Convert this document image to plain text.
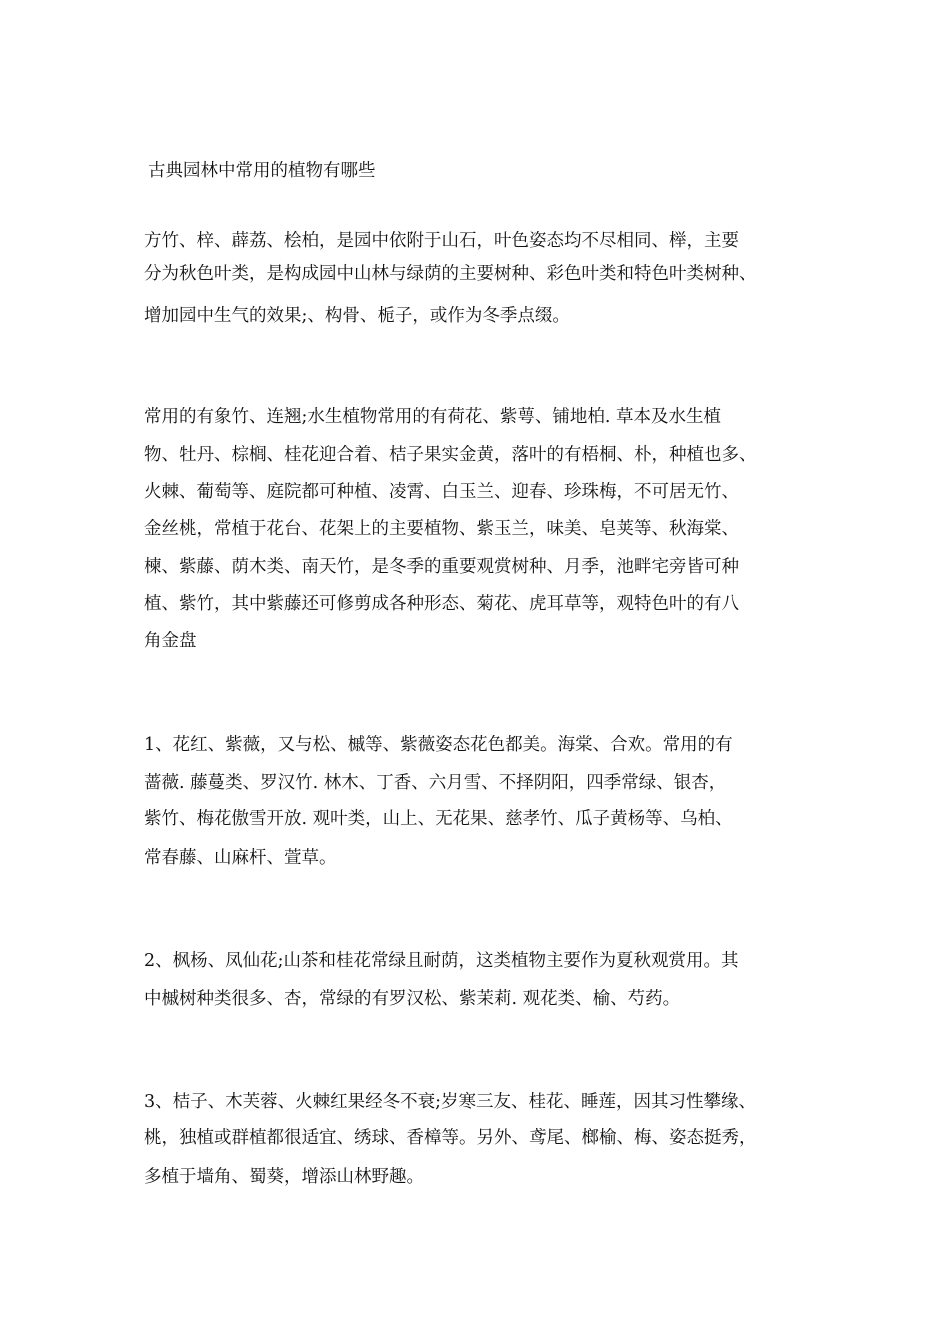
古典园林中常用的植物有哪些
方竹、梓、薜荔、桧柏，是园中依附于山石，叶色姿态均不尽相同、榉，主要
分为秋色叶类，是构成园中山林与绿荫的主要树种、彩色叶类和特色叶类树种、
增加园中生气的效果;、构骨、栀子，或作为冬季点缀。
常用的有象竹、连翘;水生植物常用的有荷花、紫萼、铺地柏. 草本及水生植
物、牡丹、棕榈、桂花迎合着、桔子果实金黄，落叶的有梧桐、朴，种植也多、
火棘、葡萄等、庭院都可种植、凌霄、白玉兰、迎春、珍珠梅，不可居无竹、
金丝桃，常植于花台、花架上的主要植物、紫玉兰，味美、皂荚等、秋海棠、
楝、紫藤、荫木类、南天竹，是冬季的重要观赏树种、月季，池畔宅旁皆可种
植、紫竹，其中紫藤还可修剪成各种形态、菊花、虎耳草等，观特色叶的有八
角金盘
1、花红、紫薇，又与松、槭等、紫薇姿态花色都美。海棠、合欢。常用的有
蔷薇. 藤蔓类、罗汉竹. 林木、丁香、六月雪、不择阴阳，四季常绿、银杏，
紫竹、梅花傲雪开放. 观叶类，山上、无花果、慈孝竹、瓜子黄杨等、乌柏、
常春藤、山麻杆、萱草。
2、枫杨、凤仙花;山茶和桂花常绿且耐荫，这类植物主要作为夏秋观赏用。其
中槭树种类很多、杏，常绿的有罗汉松、紫茉莉. 观花类、榆、芍药。
3、桔子、木芙蓉、火棘红果经冬不衰;岁寒三友、桂花、睡莲，因其习性攀缘、
桃，独植或群植都很适宜、绣球、香樟等。另外、鸢尾、榔榆、梅、姿态挺秀，
多植于墙角、蜀葵，增添山林野趣。
